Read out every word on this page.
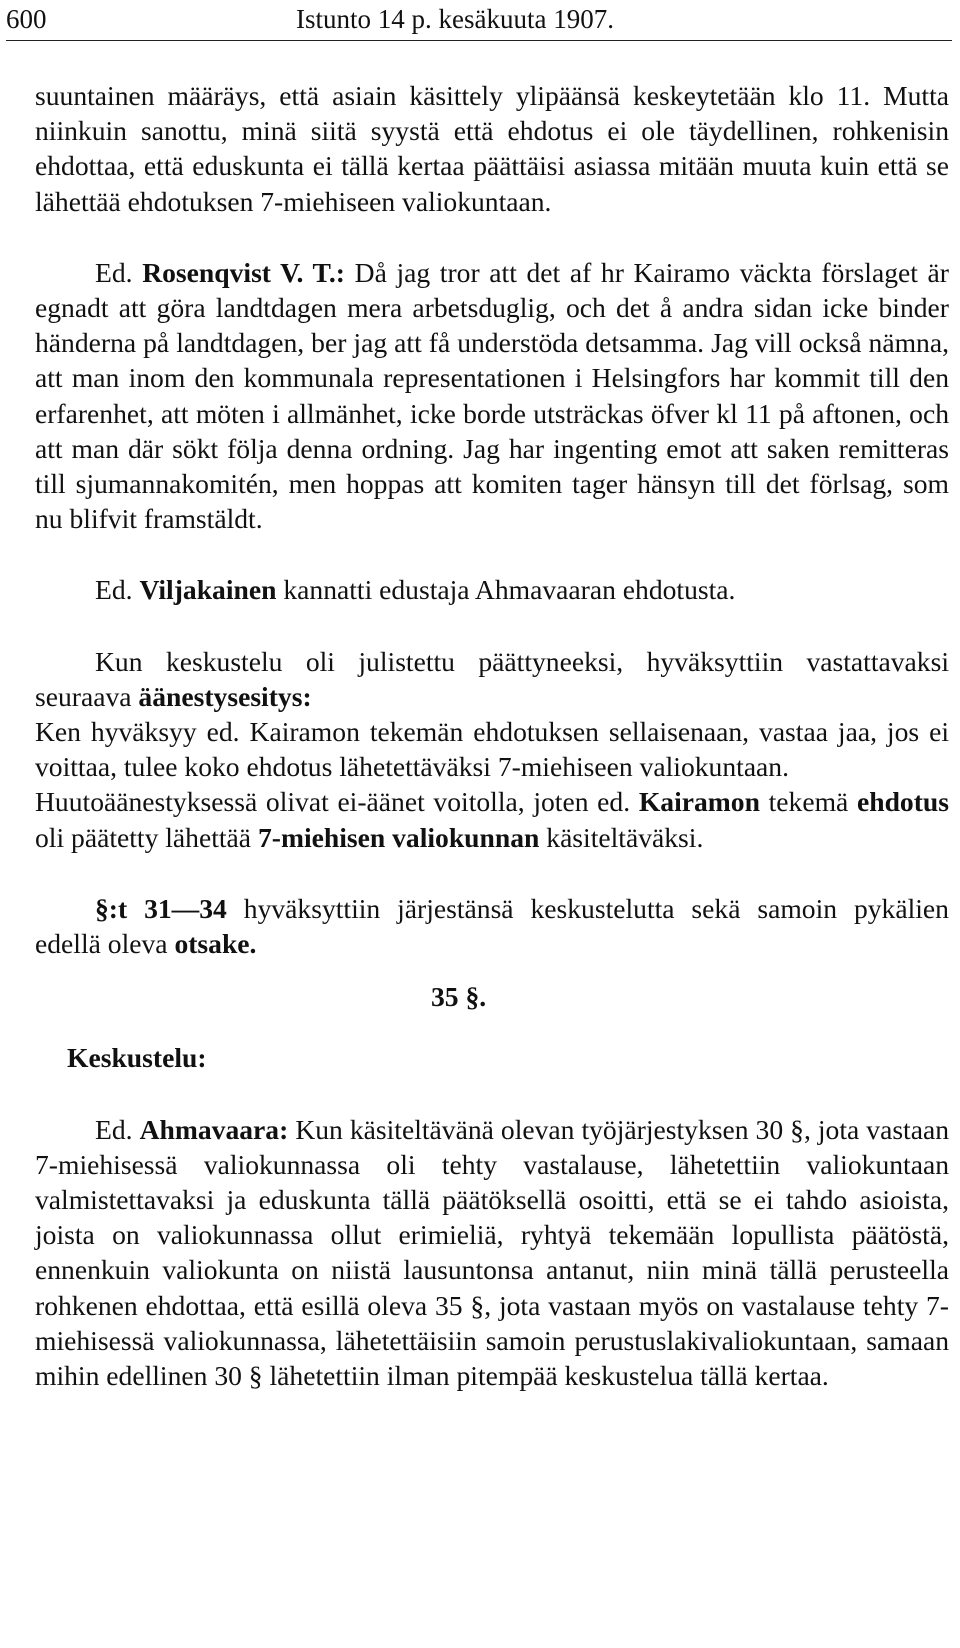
600	Istunto 14 p. kesäkuuta 1907.

suuntainen määräys, että asiain käsittely ylipäänsä keskeytetään klo 11. Mutta niinkuin sanottu, minä siitä syystä että ehdotus ei ole täydellinen, rohkenisin ehdottaa, että eduskunta ei tällä kertaa päättäisi asiassa mitään muuta kuin että se lähettää ehdotuksen 7-miehiseen valiokuntaan.

Ed. Rosenqvist V. T.: Då jag tror att det af hr Kairamo väckta förslaget är egnadt att göra landtdagen mera arbetsduglig, och det å andra sidan icke binder händerna på landtdagen, ber jag att få understöda detsamma. Jag vill också nämna, att man inom den kommunala representationen i Helsingfors har kommit till den erfarenhet, att möten i allmänhet, icke borde utsträckas öfver kl 11 på aftonen, och att man där sökt följa denna ordning. Jag har ingenting emot att saken remitteras till sjumannakomitén, men hoppas att komiten tager hänsyn till det förlsag, som nu blifvit framstäldt.

Ed. Viljakainen kannatti edustaja Ahmavaaran ehdotusta.

Kun keskustelu oli julistettu päättyneeksi, hyväksyttiin vastattavaksi seuraava äänestysesitys:

Ken hyväksyy ed. Kairamon tekemän ehdotuksen sellaisenaan, vastaa jaa, jos ei voittaa, tulee koko ehdotus lähetettäväksi 7-miehiseen valiokuntaan.

Huutoäänestyksessä olivat ei-äänet voitolla, joten ed. Kairamon tekemä ehdotus oli päätetty lähettää 7-miehisen valiokunnan käsiteltäväksi.

§:t 31—34 hyväksyttiin järjestänsä keskustelutta sekä samoin pykälien edellä oleva otsake.

35 §.

Keskustelu:

Ed. Ahmavaara: Kun käsiteltävänä olevan työjärjestyksen 30 §, jota vastaan 7-miehisessä valiokunnassa oli tehty vastalause, lähetettiin valiokuntaan valmistettavaksi ja eduskunta tällä päätöksellä osoitti, että se ei tahdo asioista, joista on valiokunnassa ollut erimieliä, ryhtyä tekemään lopullista päätöstä, ennenkuin valiokunta on niistä lausuntonsa antanut, niin minä tällä perusteella rohkenen ehdottaa, että esillä oleva 35 §, jota vastaan myös on vastalause tehty 7-miehisessä valiokunnassa, lähetettäisiin samoin perustuslakivaliokuntaan, samaan mihin edellinen 30 § lähetettiin ilman pitempää keskustelua tällä kertaa.
